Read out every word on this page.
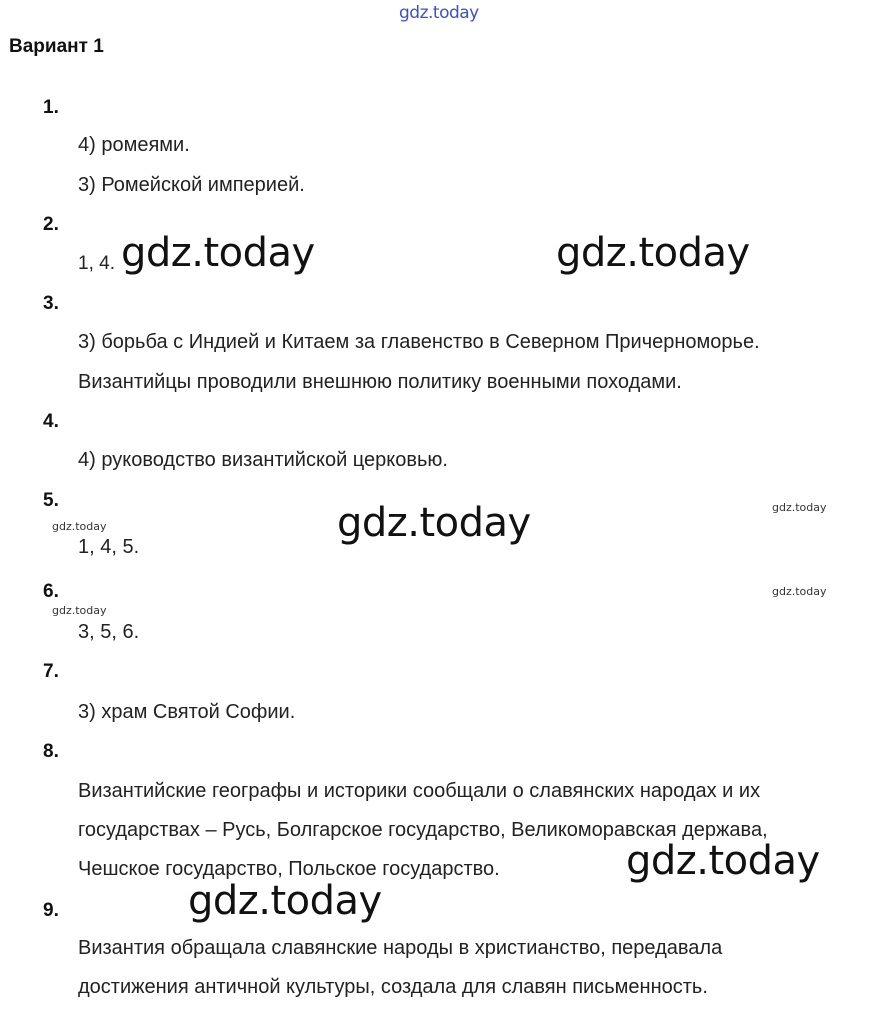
gdz.today
Вариант 1
1.
4) ромеями.
3) Ромейской империей.
2.
1, 4. gdz.today	gdz.today
3.
3) борьба с Индией и Китаем за главенство в Северном Причерноморье.
Византийцы проводили внешнюю политику военными походами.
4.
4) руководство византийской церковью.
5.
gdz.today	gdz.today	gdz.today
1, 4, 5.
6.
gdz.today
gdz.today
3, 5, 6.
7.
3) храм Святой Софии.
8.
Византийские географы и историки сообщали о славянских народах и их
государствах – Русь, Болгарское государство, Великоморавская держава,
Чешское государство, Польское государство.	gdz.today
9.	gdz.today
Византия обращала славянские народы в христианство, передавала
достижения античной культуры, создала для славян письменность.
